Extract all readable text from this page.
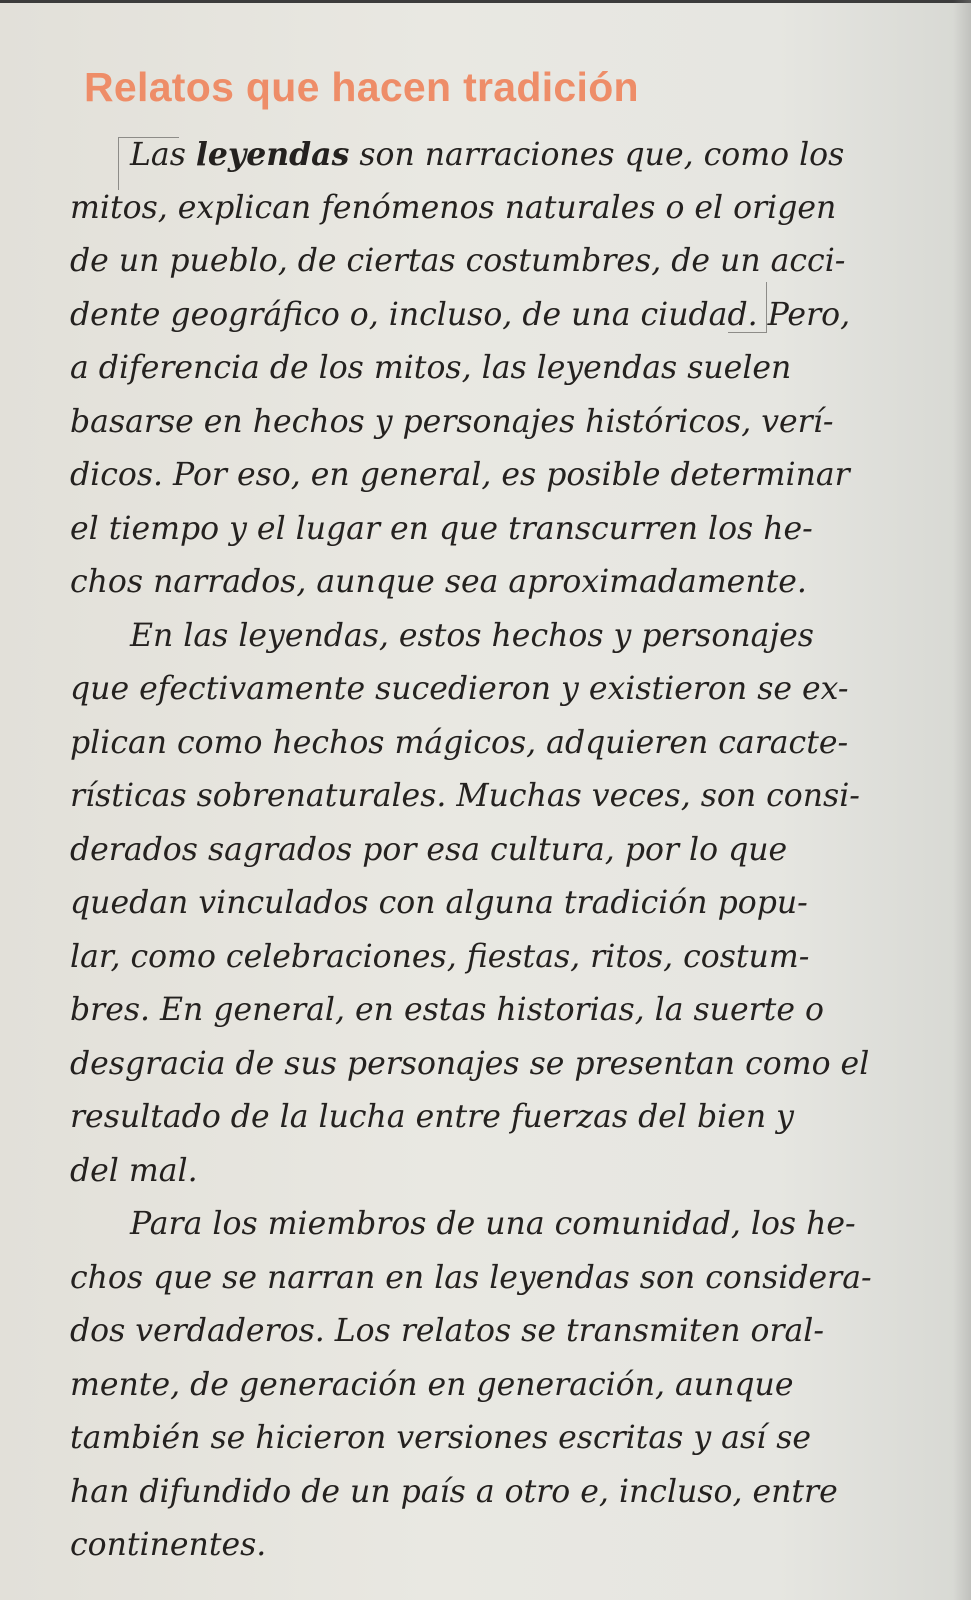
Relatos que hacen tradición
Las leyendas son narraciones que, como los
mitos, explican fenómenos naturales o el origen
de un pueblo, de ciertas costumbres, de un acci-
dente geográfico o, incluso, de una ciudad. Pero,
a diferencia de los mitos, las leyendas suelen
basarse en hechos y personajes históricos, verí-
dicos. Por eso, en general, es posible determinar
el tiempo y el lugar en que transcurren los he-
chos narrados, aunque sea aproximadamente.
En las leyendas, estos hechos y personajes
que efectivamente sucedieron y existieron se ex-
plican como hechos mágicos, adquieren caracte-
rísticas sobrenaturales. Muchas veces, son consi-
derados sagrados por esa cultura, por lo que
quedan vinculados con alguna tradición popu-
lar, como celebraciones, fiestas, ritos, costum-
bres. En general, en estas historias, la suerte o
desgracia de sus personajes se presentan como el
resultado de la lucha entre fuerzas del bien y
del mal.
Para los miembros de una comunidad, los he-
chos que se narran en las leyendas son considera-
dos verdaderos. Los relatos se transmiten oral-
mente, de generación en generación, aunque
también se hicieron versiones escritas y así se
han difundido de un país a otro e, incluso, entre
continentes.
